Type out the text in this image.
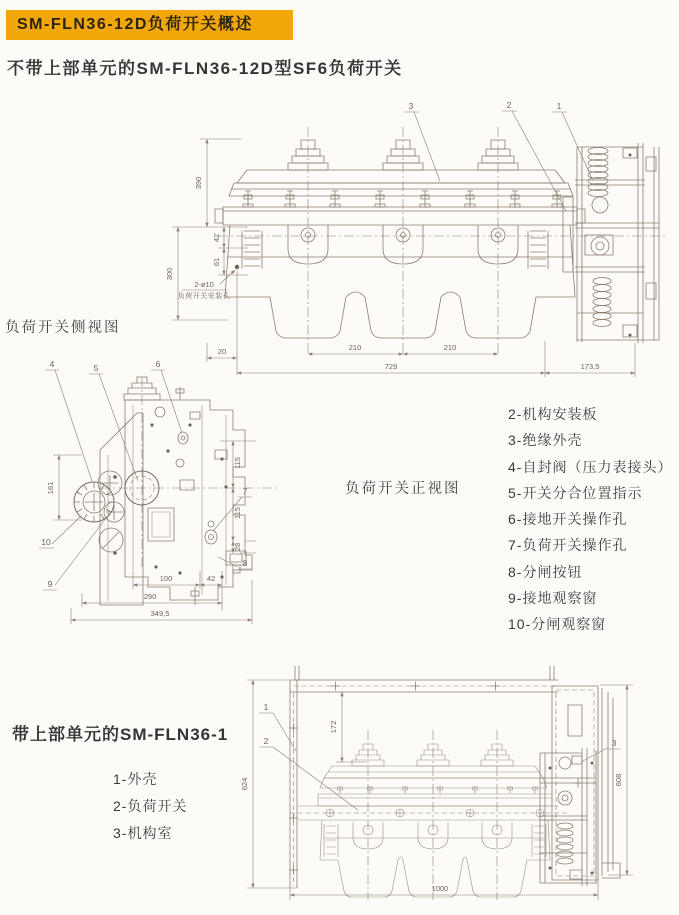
SM-FLN36-12D负荷开关概述
不带上部单元的SM-FLN36-12D型SF6负荷开关
390
42
61
300
2-ø10
负荷开关安装孔
20	210	210
729	173,5
3	2	1
负荷开关侧视图
161
115
115
28
100	42
290
349,5
4	5	6
7
8
10
9
负荷开关正视图
2-机构安装板
3-绝缘外壳
4-自封阀（压力表接头）
5-开关分合位置指示
6-接地开关操作孔
7-负荷开关操作孔
8-分闸按钮
9-接地观察窗
10-分闸观察窗
带上部单元的SM-FLN36-1
1-外壳
2-负荷开关
3-机构室
624
172
608
1000
1
2	3
